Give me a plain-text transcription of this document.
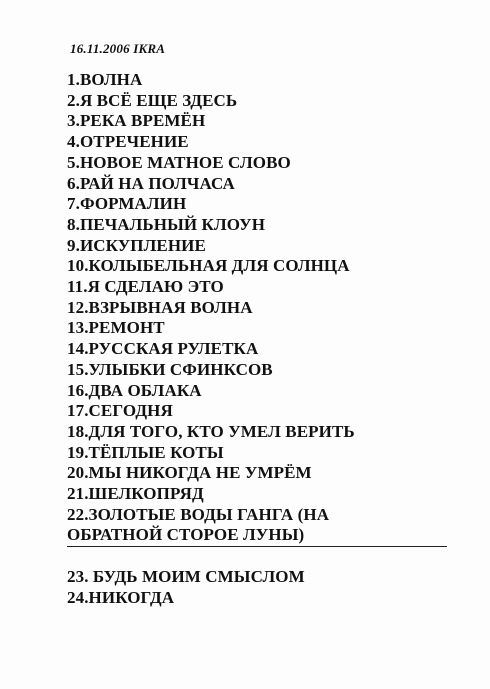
16.11.2006 IKRA
1.ВОЛНА
2.Я ВСЁ ЕЩЕ ЗДЕСЬ
3.РЕКА ВРЕМЁН
4.ОТРЕЧЕНИЕ
5.НОВОЕ МАТНОЕ СЛОВО
6.РАЙ НА ПОЛЧАСА
7.ФОРМАЛИН
8.ПЕЧАЛЬНЫЙ КЛОУН
9.ИСКУПЛЕНИЕ
10.КОЛЫБЕЛЬНАЯ ДЛЯ СОЛНЦА
11.Я СДЕЛАЮ ЭТО
12.ВЗРЫВНАЯ ВОЛНА
13.РЕМОНТ
14.РУССКАЯ РУЛЕТКА
15.УЛЫБКИ СФИНКСОВ
16.ДВА ОБЛАКА
17.СЕГОДНЯ
18.ДЛЯ ТОГО, КТО УМЕЛ ВЕРИТЬ
19.ТЁПЛЫЕ КОТЫ
20.МЫ НИКОГДА НЕ УМРЁМ
21.ШЕЛКОПРЯД
22.ЗОЛОТЫЕ ВОДЫ ГАНГА (НА ОБРАТНОЙ СТОРОЕ ЛУНЫ)
23. БУДЬ МОИМ СМЫСЛОМ
24.НИКОГДА
